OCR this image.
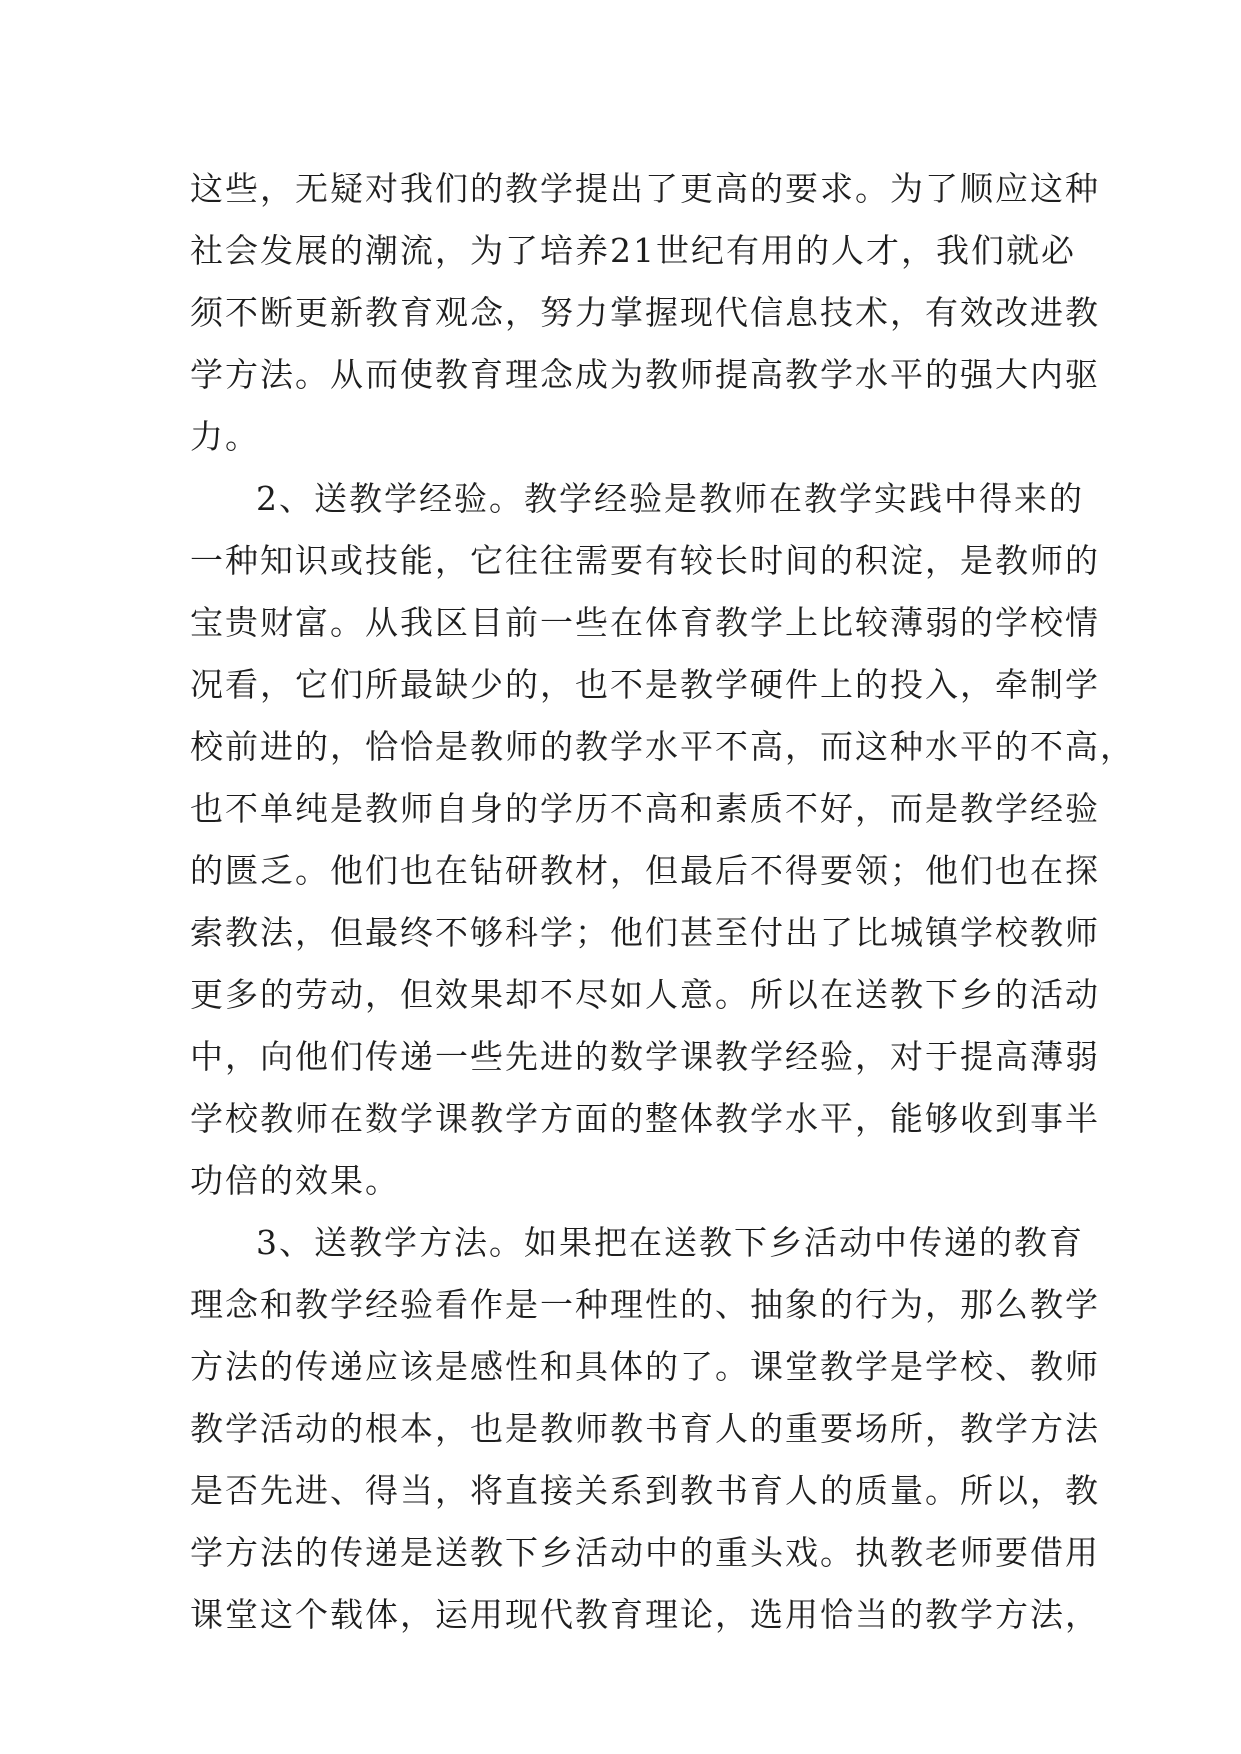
这些，无疑对我们的教学提出了更高的要求。为了顺应这种
社会发展的潮流，为了培养21世纪有用的人才，我们就必
须不断更新教育观念，努力掌握现代信息技术，有效改进教
学方法。从而使教育理念成为教师提高教学水平的强大内驱
力。

2、送教学经验。教学经验是教师在教学实践中得来的
一种知识或技能，它往往需要有较长时间的积淀，是教师的
宝贵财富。从我区目前一些在体育教学上比较薄弱的学校情
况看，它们所最缺少的，也不是教学硬件上的投入，牵制学
校前进的，恰恰是教师的教学水平不高，而这种水平的不高，
也不单纯是教师自身的学历不高和素质不好，而是教学经验
的匮乏。他们也在钻研教材，但最后不得要领；他们也在探
索教法，但最终不够科学；他们甚至付出了比城镇学校教师
更多的劳动，但效果却不尽如人意。所以在送教下乡的活动
中，向他们传递一些先进的数学课教学经验，对于提高薄弱
学校教师在数学课教学方面的整体教学水平，能够收到事半
功倍的效果。

3、送教学方法。如果把在送教下乡活动中传递的教育
理念和教学经验看作是一种理性的、抽象的行为，那么教学
方法的传递应该是感性和具体的了。课堂教学是学校、教师
教学活动的根本，也是教师教书育人的重要场所，教学方法
是否先进、得当，将直接关系到教书育人的质量。所以，教
学方法的传递是送教下乡活动中的重头戏。执教老师要借用
课堂这个载体，运用现代教育理论，选用恰当的教学方法，
